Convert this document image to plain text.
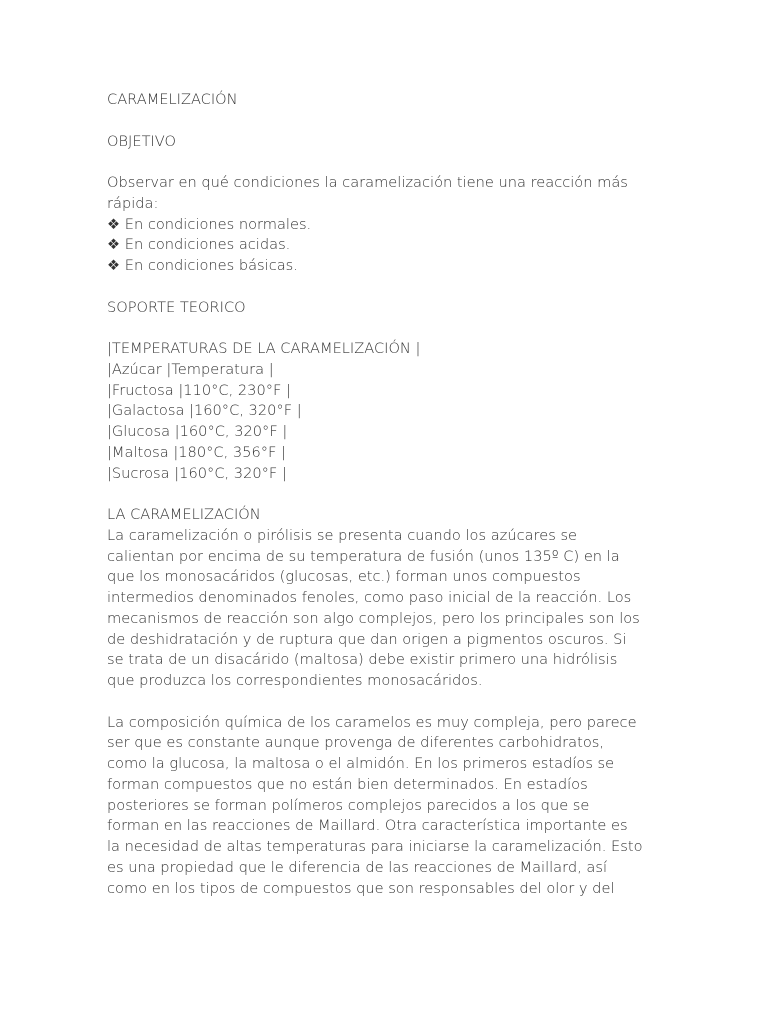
CARAMELIZACIÓN
OBJETIVO
Observar en qué condiciones la caramelización tiene una reacción más
rápida:
❖ En condiciones normales.
❖ En condiciones acidas.
❖ En condiciones básicas.
SOPORTE TEORICO
|TEMPERATURAS DE LA CARAMELIZACIÓN |
|Azúcar |Temperatura |
|Fructosa |110°C, 230°F |
|Galactosa |160°C, 320°F |
|Glucosa |160°C, 320°F |
|Maltosa |180°C, 356°F |
|Sucrosa |160°C, 320°F |
LA CARAMELIZACIÓN
La caramelización o pirólisis se presenta cuando los azúcares se
calientan por encima de su temperatura de fusión (unos 135º C) en la
que los monosacáridos (glucosas, etc.) forman unos compuestos
intermedios denominados fenoles, como paso inicial de la reacción. Los
mecanismos de reacción son algo complejos, pero los principales son los
de deshidratación y de ruptura que dan origen a pigmentos oscuros. Si
se trata de un disacárido (maltosa) debe existir primero una hidrólisis
que produzca los correspondientes monosacáridos.
La composición química de los caramelos es muy compleja, pero parece
ser que es constante aunque provenga de diferentes carbohidratos,
como la glucosa, la maltosa o el almidón. En los primeros estadíos se
forman compuestos que no están bien determinados. En estadíos
posteriores se forman polímeros complejos parecidos a los que se
forman en las reacciones de Maillard. Otra característica importante es
la necesidad de altas temperaturas para iniciarse la caramelización. Esto
es una propiedad que le diferencia de las reacciones de Maillard, así
como en los tipos de compuestos que son responsables del olor y del
